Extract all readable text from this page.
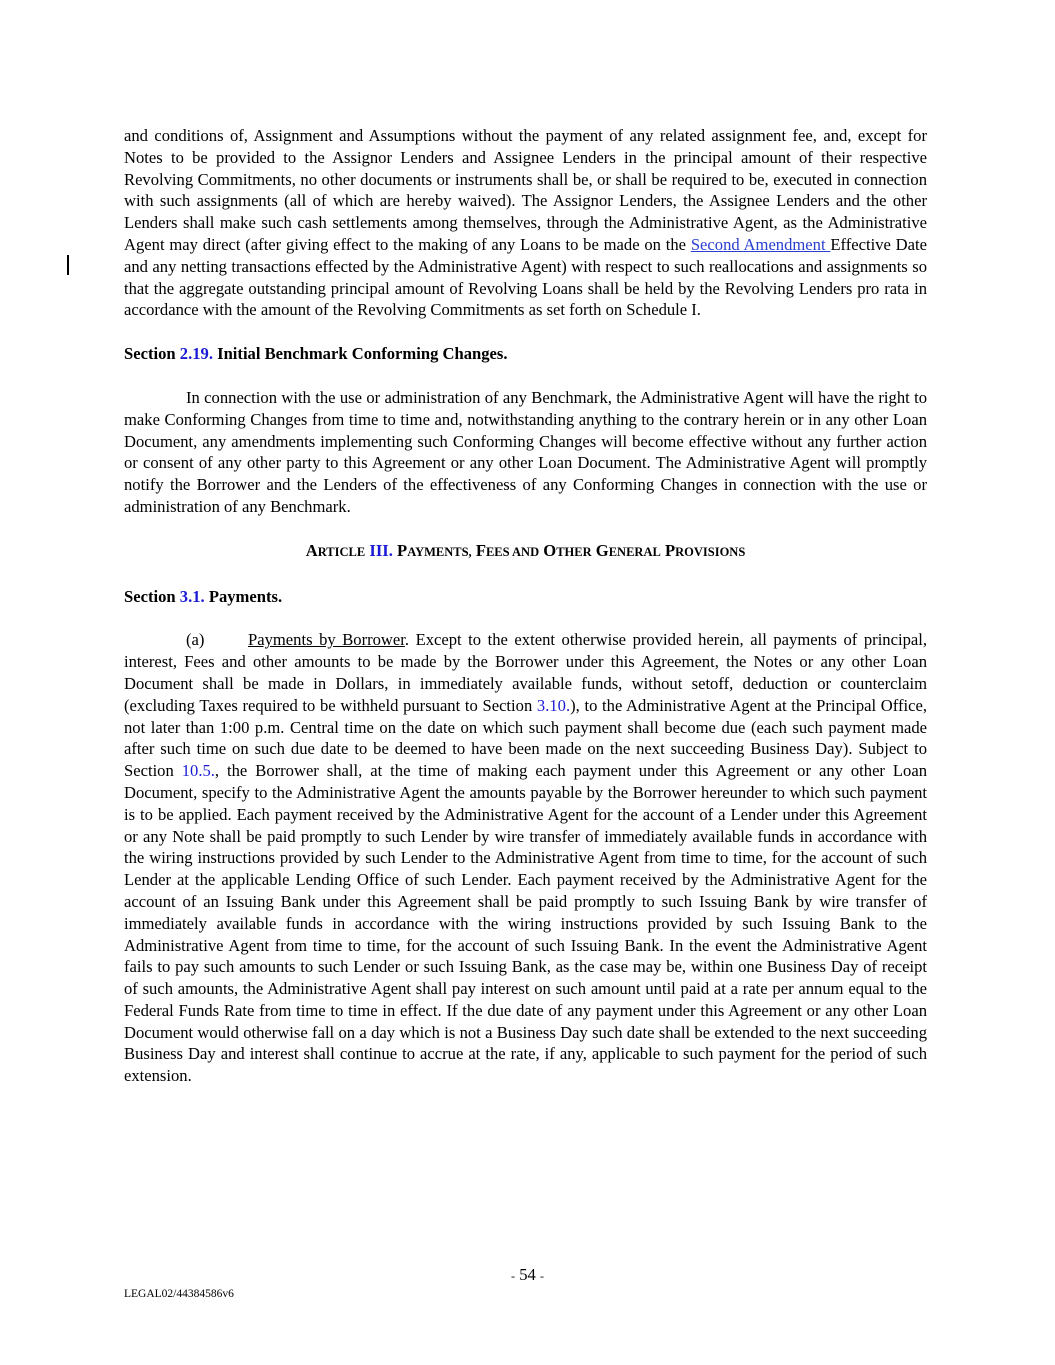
and conditions of, Assignment and Assumptions without the payment of any related assignment fee, and, except for Notes to be provided to the Assignor Lenders and Assignee Lenders in the principal amount of their respective Revolving Commitments, no other documents or instruments shall be, or shall be required to be, executed in connection with such assignments (all of which are hereby waived). The Assignor Lenders, the Assignee Lenders and the other Lenders shall make such cash settlements among themselves, through the Administrative Agent, as the Administrative Agent may direct (after giving effect to the making of any Loans to be made on the Second Amendment Effective Date and any netting transactions effected by the Administrative Agent) with respect to such reallocations and assignments so that the aggregate outstanding principal amount of Revolving Loans shall be held by the Revolving Lenders pro rata in accordance with the amount of the Revolving Commitments as set forth on Schedule I.

Section 2.19. Initial Benchmark Conforming Changes.

In connection with the use or administration of any Benchmark, the Administrative Agent will have the right to make Conforming Changes from time to time and, notwithstanding anything to the contrary herein or in any other Loan Document, any amendments implementing such Conforming Changes will become effective without any further action or consent of any other party to this Agreement or any other Loan Document. The Administrative Agent will promptly notify the Borrower and the Lenders of the effectiveness of any Conforming Changes in connection with the use or administration of any Benchmark.

ARTICLE III. PAYMENTS, FEES AND OTHER GENERAL PROVISIONS

Section 3.1. Payments.

(a)	Payments by Borrower. Except to the extent otherwise provided herein, all payments of principal, interest, Fees and other amounts to be made by the Borrower under this Agreement, the Notes or any other Loan Document shall be made in Dollars, in immediately available funds, without setoff, deduction or counterclaim (excluding Taxes required to be withheld pursuant to Section 3.10.), to the Administrative Agent at the Principal Office, not later than 1:00 p.m. Central time on the date on which such payment shall become due (each such payment made after such time on such due date to be deemed to have been made on the next succeeding Business Day). Subject to Section 10.5., the Borrower shall, at the time of making each payment under this Agreement or any other Loan Document, specify to the Administrative Agent the amounts payable by the Borrower hereunder to which such payment is to be applied. Each payment received by the Administrative Agent for the account of a Lender under this Agreement or any Note shall be paid promptly to such Lender by wire transfer of immediately available funds in accordance with the wiring instructions provided by such Lender to the Administrative Agent from time to time, for the account of such Lender at the applicable Lending Office of such Lender. Each payment received by the Administrative Agent for the account of an Issuing Bank under this Agreement shall be paid promptly to such Issuing Bank by wire transfer of immediately available funds in accordance with the wiring instructions provided by such Issuing Bank to the Administrative Agent from time to time, for the account of such Issuing Bank. In the event the Administrative Agent fails to pay such amounts to such Lender or such Issuing Bank, as the case may be, within one Business Day of receipt of such amounts, the Administrative Agent shall pay interest on such amount until paid at a rate per annum equal to the Federal Funds Rate from time to time in effect. If the due date of any payment under this Agreement or any other Loan Document would otherwise fall on a day which is not a Business Day such date shall be extended to the next succeeding Business Day and interest shall continue to accrue at the rate, if any, applicable to such payment for the period of such extension.

- 54 -
LEGAL02/44384586v6
